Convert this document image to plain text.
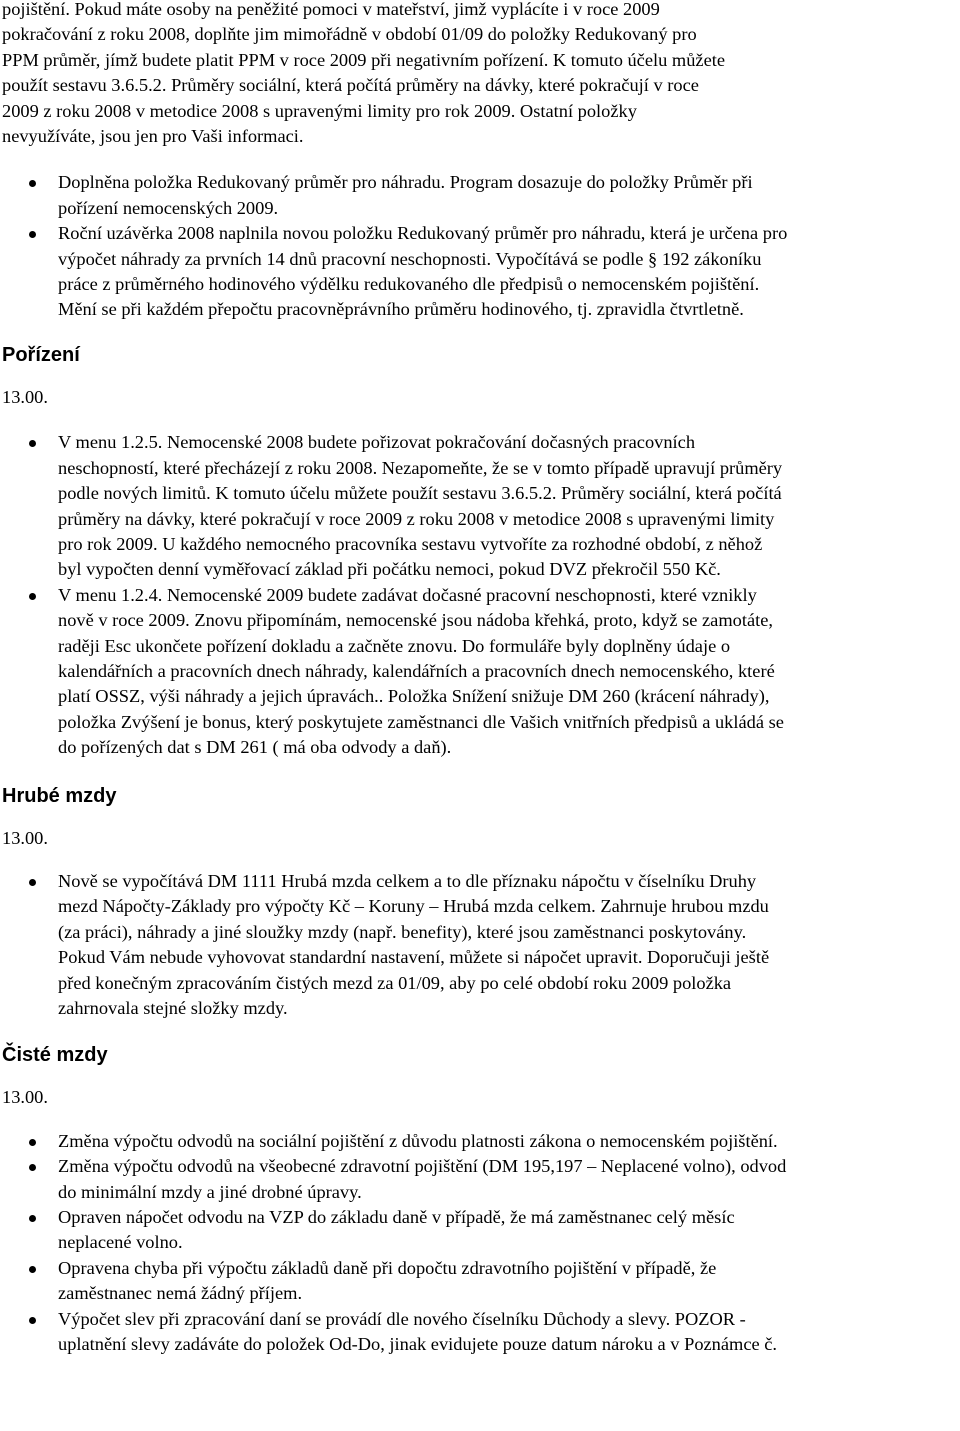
pojištění. Pokud máte osoby na peněžité pomoci v mateřství, jimž vyplácíte i v roce 2009
pokračování z roku 2008, doplňte jim mimořádně v období 01/09 do položky Redukovaný pro
PPM průměr, jímž budete platit PPM v roce 2009 při negativním pořízení. K tomuto účelu můžete
použít sestavu 3.6.5.2. Průměry sociální, která počítá průměry na dávky, které pokračují v roce
2009 z roku 2008 v metodice 2008 s upravenými limity pro rok 2009. Ostatní položky
nevyužíváte, jsou jen pro Vaši informaci.

Doplněna položka Redukovaný průměr pro náhradu. Program dosazuje do položky Průměr při
pořízení nemocenských 2009.
Roční uzávěrka 2008 naplnila novou položku Redukovaný průměr pro náhradu, která je určena pro
výpočet náhrady za prvních 14 dnů pracovní neschopnosti. Vypočítává se podle § 192 zákoníku
práce z průměrného hodinového výdělku redukovaného dle předpisů o nemocenském pojištění.
Mění se při každém přepočtu pracovněprávního průměru hodinového, tj. zpravidla čtvrtletně.
Pořízení

13.00.

V menu 1.2.5. Nemocenské 2008 budete pořizovat pokračování dočasných pracovních
neschopností, které přecházejí z roku 2008. Nezapomeňte, že se v tomto případě upravují průměry
podle nových limitů. K tomuto účelu můžete použít sestavu 3.6.5.2. Průměry sociální, která počítá
průměry na dávky, které pokračují v roce 2009 z roku 2008 v metodice 2008 s upravenými limity
pro rok 2009. U každého nemocného pracovníka sestavu vytvoříte za rozhodné období, z něhož
byl vypočten denní vyměřovací základ při počátku nemoci, pokud DVZ překročil 550 Kč.
V menu 1.2.4. Nemocenské 2009 budete zadávat dočasné pracovní neschopnosti, které vznikly
nově v roce 2009. Znovu připomínám, nemocenské jsou nádoba křehká, proto, když se zamotáte,
raději Esc ukončete pořízení dokladu a začněte znovu. Do formuláře byly doplněny údaje o
kalendářních a pracovních dnech náhrady, kalendářních a pracovních dnech nemocenského, které
platí OSSZ, výši náhrady a jejich úpravách.. Položka Snížení snižuje DM 260 (krácení náhrady),
položka Zvýšení je bonus, který poskytujete zaměstnanci dle Vašich vnitřních předpisů a ukládá se
do pořízených dat s DM 261 ( má oba odvody a daň).
Hrubé mzdy

13.00.

Nově se vypočítává DM 1111 Hrubá mzda celkem a to dle příznaku nápočtu v číselníku Druhy
mezd Nápočty-Základy pro výpočty Kč – Koruny – Hrubá mzda celkem. Zahrnuje hrubou mzdu
(za práci), náhrady a jiné sloužky mzdy (např. benefity), které jsou zaměstnanci poskytovány.
Pokud Vám nebude vyhovovat standardní nastavení, můžete si nápočet upravit. Doporučuji ještě
před konečným zpracováním čistých mezd za 01/09, aby po celé období roku 2009 položka
zahrnovala stejné složky mzdy.
Čisté mzdy

13.00.

Změna výpočtu odvodů na sociální pojištění z důvodu platnosti zákona o nemocenském pojištění.
Změna výpočtu odvodů na všeobecné zdravotní pojištění (DM 195,197 – Neplacené volno), odvod
do minimální mzdy a jiné drobné úpravy.
Opraven nápočet odvodu na VZP do základu daně v případě, že má zaměstnanec celý měsíc
neplacené volno.
Opravena chyba při výpočtu základů daně při dopočtu zdravotního pojištění v případě, že
zaměstnanec nemá žádný příjem.
Výpočet slev při zpracování daní se provádí dle nového číselníku Důchody a slevy. POZOR -
uplatnění slevy zadáváte do položek Od-Do, jinak evidujete pouze datum nároku a v Poznámce č.
